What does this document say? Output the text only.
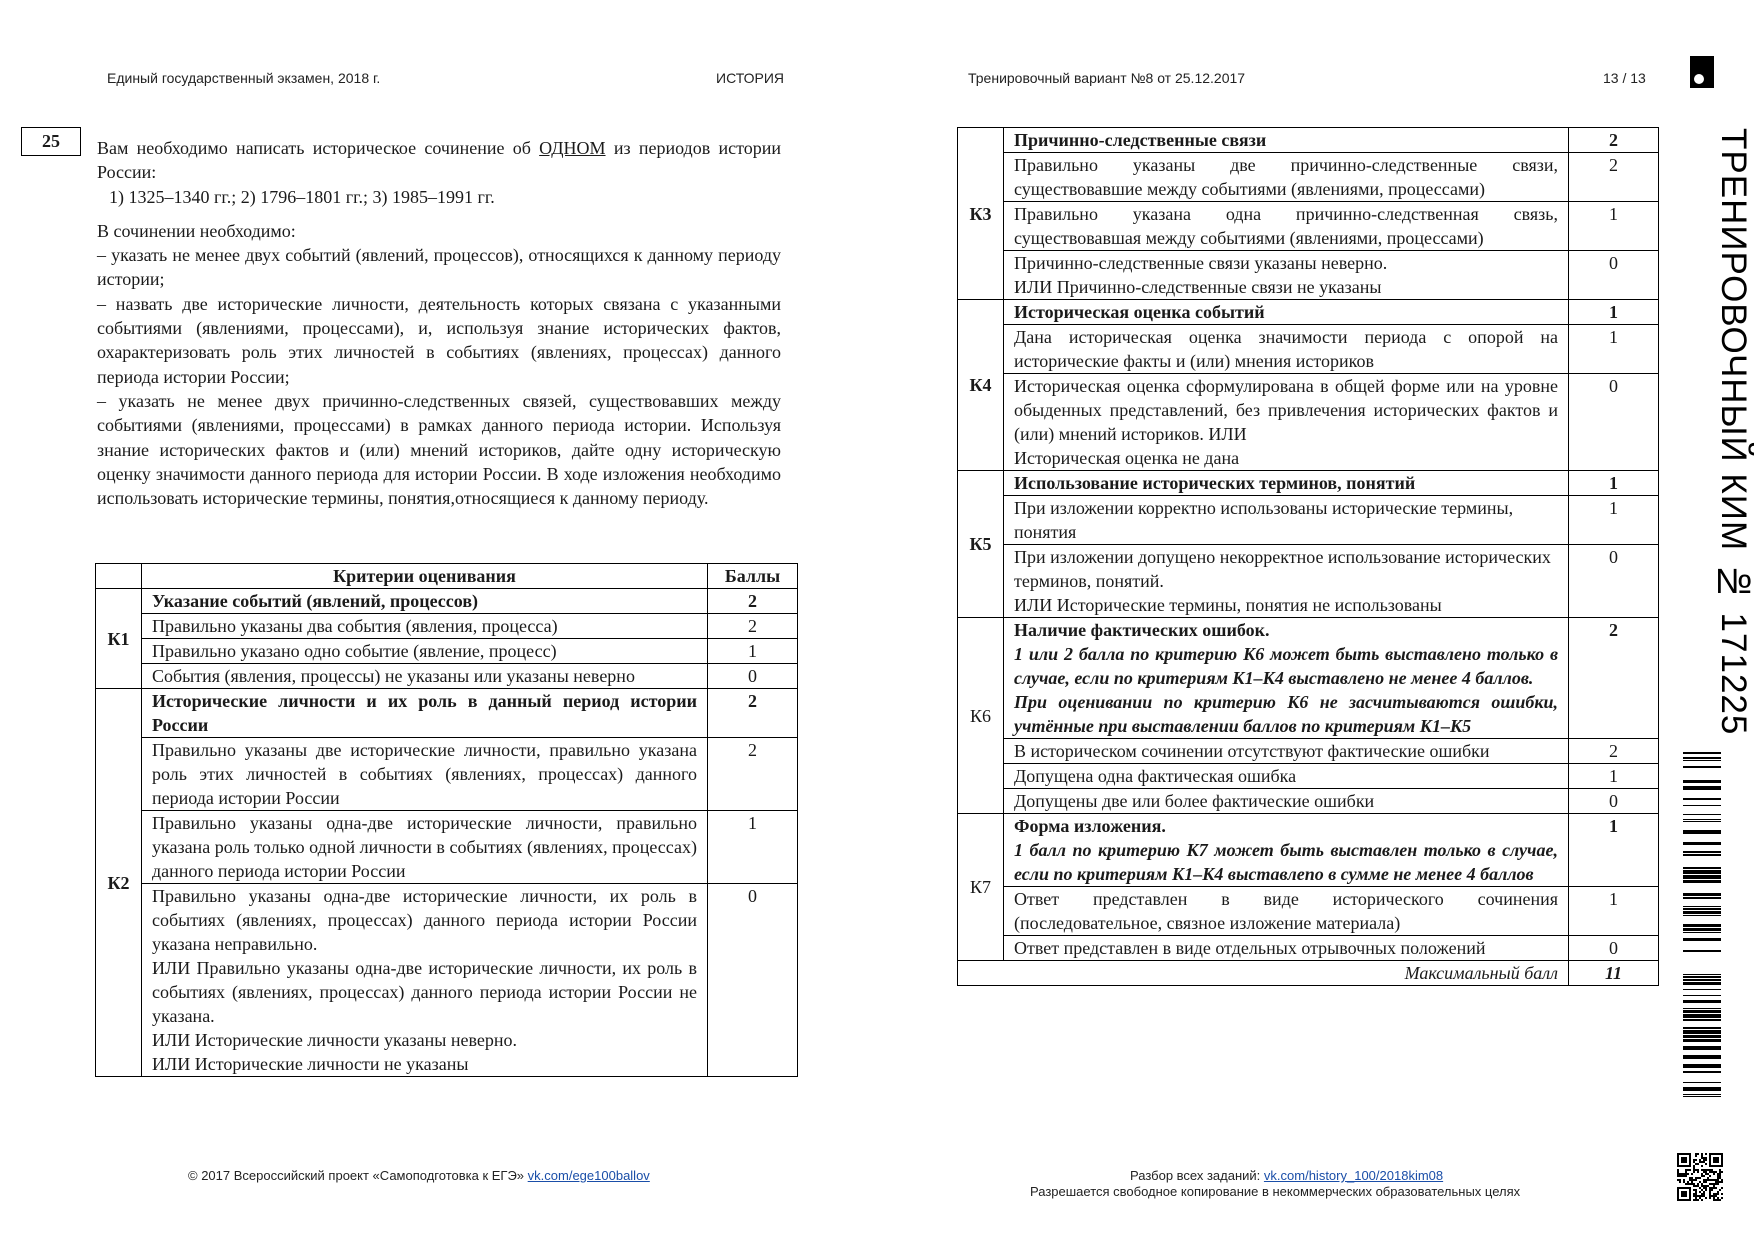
Единый государственный экзамен, 2018 г.	ИСТОРИЯ	Тренировочный вариант №8 от 25.12.2017	13 / 13
ТРЕНИРОВОЧНЫЙ КИМ № 171225
25	Вам необходимо написать историческое сочинение об ОДНОМ из периодов истории России:

1) 1325–1340 гг.; 2) 1796–1801 гг.; 3) 1985–1991 гг.

В сочинении необходимо:

– указать не менее двух событий (явлений, процессов), относящихся к данному периоду истории;

– назвать две исторические личности, деятельность которых связана с указанными событиями (явлениями, процессами), и, используя знание исторических фактов, охарактеризовать роль этих личностей в событиях (явлениях, процессах) данного периода истории России;

– указать не менее двух причинно-следственных связей, существовавших между событиями (явлениями, процессами) в рамках данного периода истории. Используя знание исторических фактов и (или) мнений историков, дайте одну историческую оценку значимости данного периода для истории России. В ходе изложения необходимо использовать исторические термины, понятия,относящиеся к данному периоду.

	Критерии оценивания	Баллы
К1	Указание событий (явлений, процессов)	2
	Правильно указаны два события (явления, процесса)	2
	Правильно указано одно событие (явление, процесс)	1
	События (явления, процессы) не указаны или указаны неверно	0
К2	Исторические личности и их роль в данный период истории России	2
	Правильно указаны две исторические личности, правильно указана роль этих личностей в событиях (явлениях, процессах) данного периода истории России	2
	Правильно указаны одна-две исторические личности, правильно указана роль только одной личности в событиях (явлениях, процессах) данного периода истории России	1

	Правильно указаны одна-две исторические личности, их роль в событиях (явлениях, процессах) данного периода истории России указана неправильно.
ИЛИ Правильно указаны одна-две исторические личности, их роль в событиях (явлениях, процессах) данного периода истории России не указана.
ИЛИ Исторические личности указаны неверно.
ИЛИ Исторические личности не указаны	0
К3	Причинно-следственные связи	2
	Правильно указаны две причинно-следственные связи, существовавшие между событиями (явлениями, процессами)	2
	Правильно указана одна причинно-следственная связь, существовавшая между событиями (явлениями, процессами)	1

	Причинно-следственные связи указаны неверно.
ИЛИ Причинно-следственные связи не указаны	0
К4	Историческая оценка событий	1
	Дана историческая оценка значимости периода с опорой на исторические факты и (или) мнения историков	1

	Историческая оценка сформулирована в общей форме или на уровне обыденных представлений, без привлечения исторических фактов и (или) мнений историков. ИЛИ
Историческая оценка не дана	0
К5	Использование исторических терминов, понятий	1
	При изложении корректно использованы исторические термины, понятия	1

	При изложении допущено некорректное использование исторических терминов, понятий.
ИЛИ Исторические термины, понятия не использованы	0
К6	Наличие фактических ошибок.
1 или 2 балла по критерию К6 может быть выставлено только в случае, если по критериям К1–К4 выставлено не менее 4 баллов.
При оценивании по критерию К6 не засчитываются ошибки, учтённые при выставлении баллов по критериям К1–К5	2
	В историческом сочинении отсутствуют фактические ошибки	2
	Допущена одна фактическая ошибка	1
	Допущены две или более фактические ошибки	0
К7	Форма изложения.
1 балл по критерию К7 может быть выставлен только в случае, если по критериям К1–К4 выставлепо в сумме не менее 4 баллов	1
	Ответ представлен в виде исторического сочинения (последовательное, связное изложение материала)	1
	Ответ представлен в виде отдельных отрывочных положений	0
Максимальный балл		11
© 2017 Всероссийский проект «Самоподготовка к ЕГЭ» vk.com/ege100ballov	Разбор всех заданий: vk.com/history_100/2018kim08
Разрешается свободное копирование в некоммерческих образовательных целях
